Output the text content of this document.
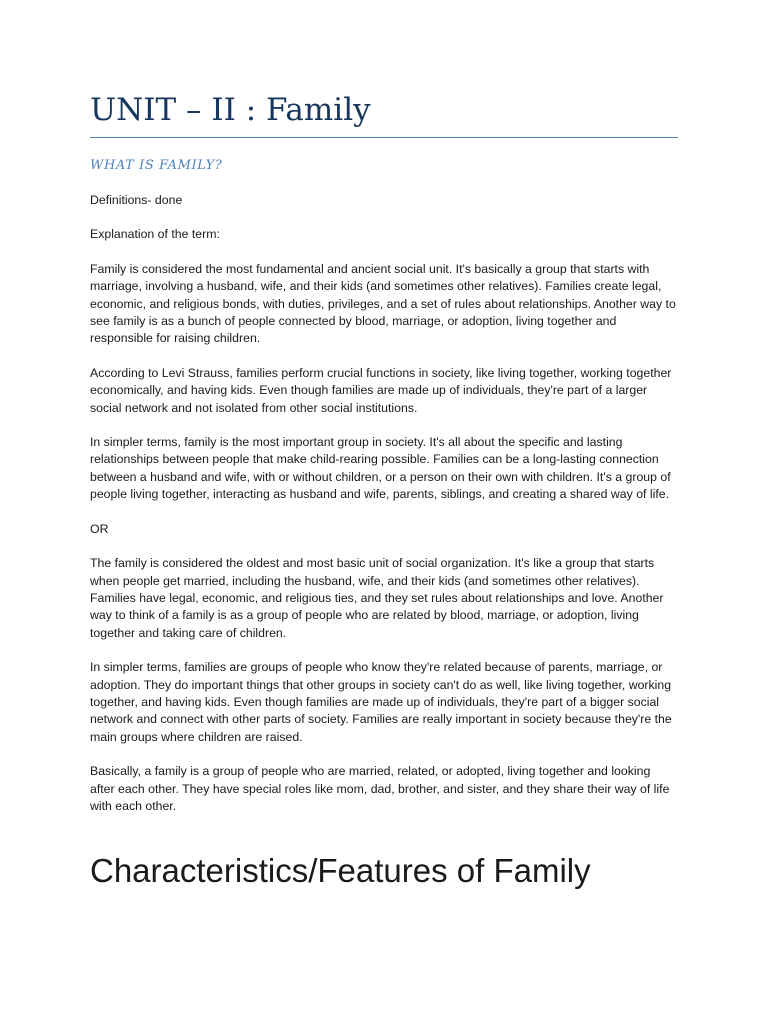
UNIT – II : Family
WHAT IS FAMILY?

Definitions- done

Explanation of the term:

Family is considered the most fundamental and ancient social unit. It's basically a group that starts with marriage, involving a husband, wife, and their kids (and sometimes other relatives). Families create legal, economic, and religious bonds, with duties, privileges, and a set of rules about relationships. Another way to see family is as a bunch of people connected by blood, marriage, or adoption, living together and responsible for raising children.

According to Levi Strauss, families perform crucial functions in society, like living together, working together economically, and having kids. Even though families are made up of individuals, they're part of a larger social network and not isolated from other social institutions.

In simpler terms, family is the most important group in society. It's all about the specific and lasting relationships between people that make child-rearing possible. Families can be a long-lasting connection between a husband and wife, with or without children, or a person on their own with children. It's a group of people living together, interacting as husband and wife, parents, siblings, and creating a shared way of life.

OR

The family is considered the oldest and most basic unit of social organization. It's like a group that starts when people get married, including the husband, wife, and their kids (and sometimes other relatives). Families have legal, economic, and religious ties, and they set rules about relationships and love. Another way to think of a family is as a group of people who are related by blood, marriage, or adoption, living together and taking care of children.

In simpler terms, families are groups of people who know they're related because of parents, marriage, or adoption. They do important things that other groups in society can't do as well, like living together, working together, and having kids. Even though families are made up of individuals, they're part of a bigger social network and connect with other parts of society. Families are really important in society because they're the main groups where children are raised.

Basically, a family is a group of people who are married, related, or adopted, living together and looking after each other. They have special roles like mom, dad, brother, and sister, and they share their way of life with each other.

Characteristics/Features of Family
